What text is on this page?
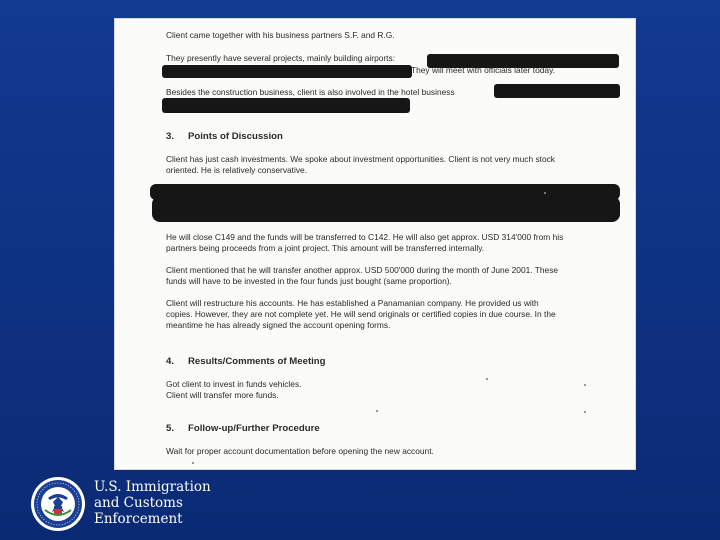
Client came together with his business partners S.F. and R.G.
They presently have several projects, mainly building airports:
They will meet with officials later today.
Besides the construction business, client is also involved in the hotel business
3. Points of Discussion
Client has just cash investments. We spoke about investment opportunities. Client is not very much stock
oriented. He is relatively conservative.
He will close C149 and the funds will be transferred to C142. He will also get approx. USD 314'000 from his
partners being proceeds from a joint project. This amount will be transferred internally.
Client mentioned that he will transfer another approx. USD 500'000 during the month of June 2001. These
funds will have to be invested in the four funds just bought (same proportion).
Client will restructure his accounts. He has established a Panamanian company. He provided us with
copies. However, they are not complete yet. He will send originals or certified copies in due course. In the
meantime he has already signed the account opening forms.
4. Results/Comments of Meeting
Got client to invest in funds vehicles.
Client will transfer more funds.
5. Follow-up/Further Procedure
Wait for proper account documentation before opening the new account.
U.S. Immigration
and Customs
Enforcement
